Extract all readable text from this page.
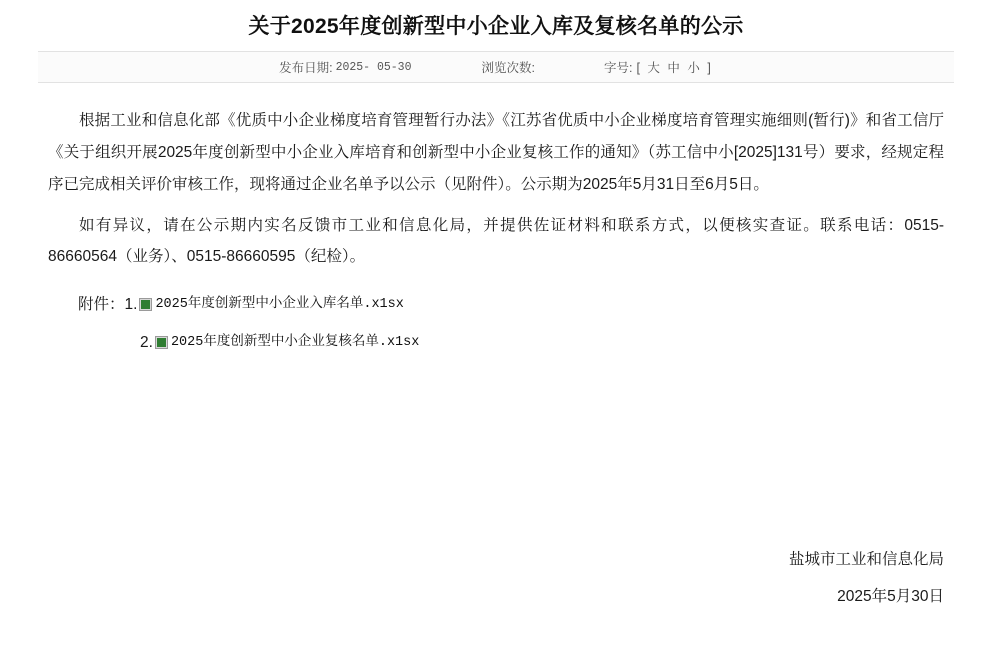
关于2025年度创新型中小企业入库及复核名单的公示
发布日期: 2025- 05-30	浏览次数:	字号: [ 大 中 小 ]

根据工业和信息化部《优质中小企业梯度培育管理暂行办法》《江苏省优质中小企业梯度培育管理实施细则(暂行)》和省工信厅《关于组织开展2025年度创新型中小企业入库培育和创新型中小企业复核工作的通知》（苏工信中小[2025]131号）要求，经规定程序已完成相关评价审核工作，现将通过企业名单予以公示（见附件）。公示期为2025年5月31日至6月5日。

如有异议，请在公示期内实名反馈市工业和信息化局，并提供佐证材料和联系方式，以便核实查证。联系电话：0515-86660564（业务）、0515-86660595（纪检）。

附件： 1. 2025年度创新型中小企业入库名单.x1sx
2. 2025年度创新型中小企业复核名单.x1sx
盐城市工业和信息化局
2025年5月30日
